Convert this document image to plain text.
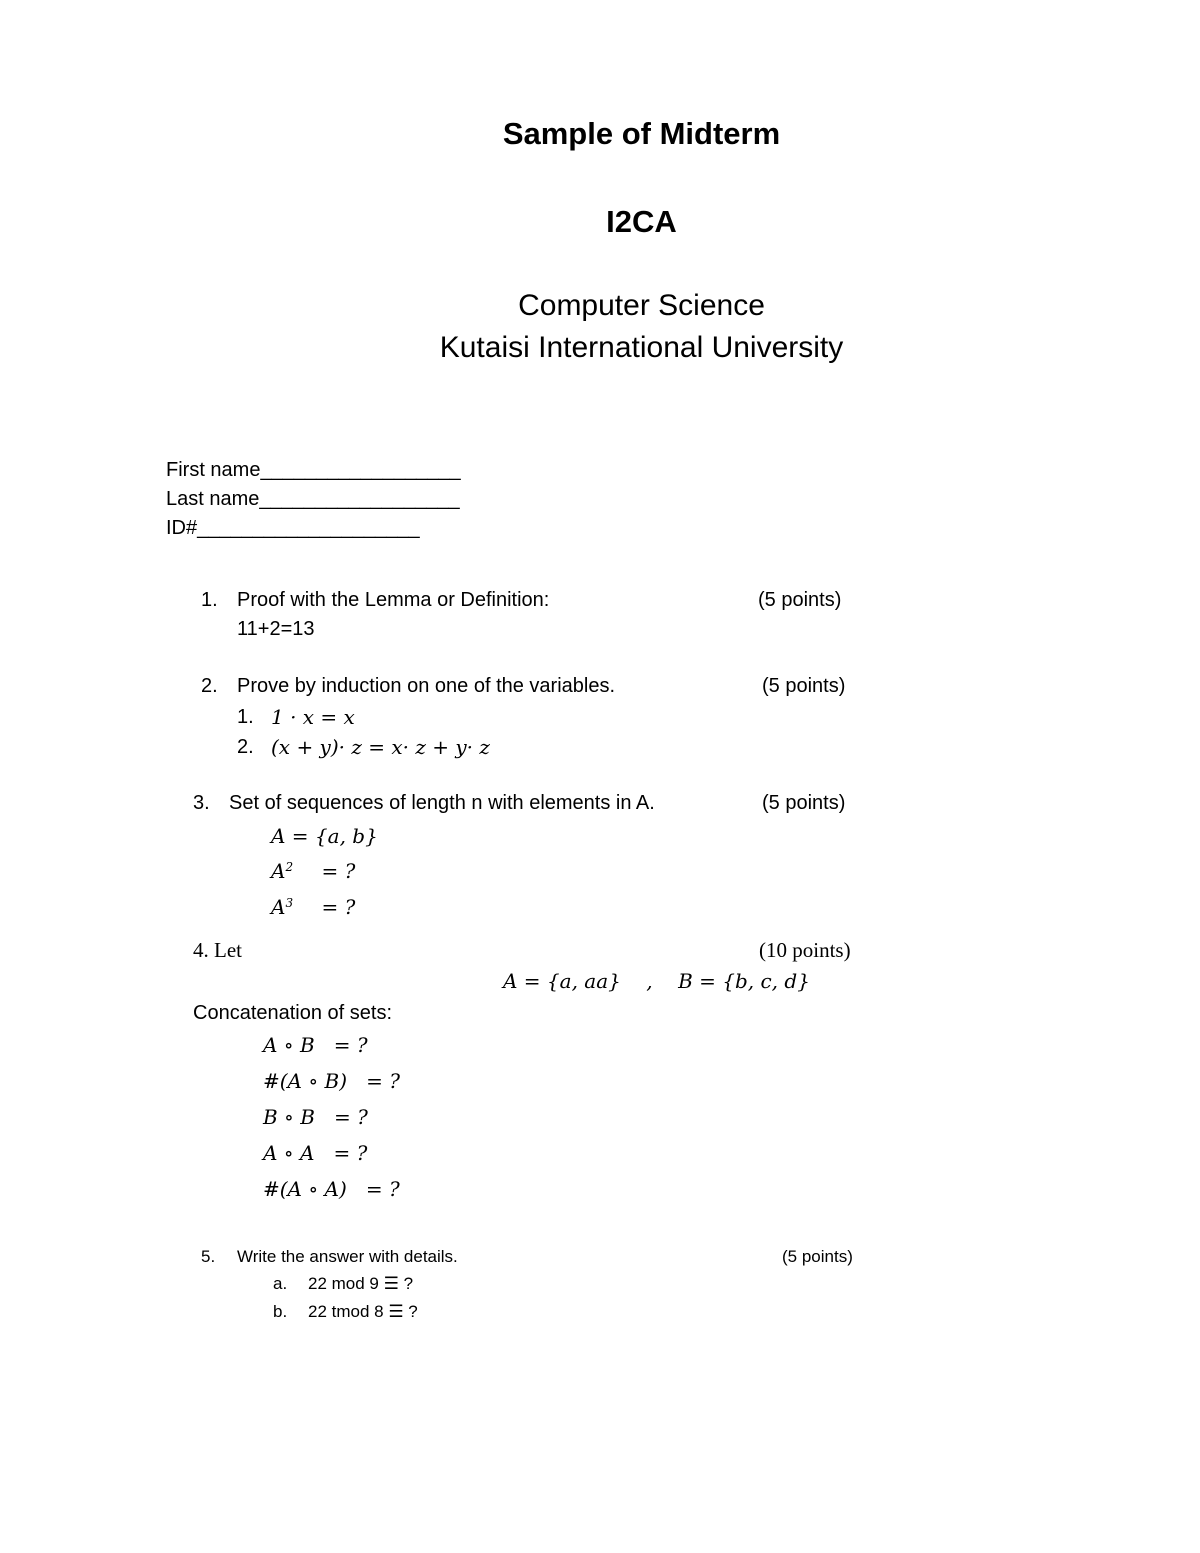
Sample of Midterm
I2CA
Computer Science
Kutaisi International University
First name__________________
Last name__________________
ID#____________________
1. Proof with the Lemma or Definition:	(5 points)
11+2=13
2. Prove by induction on one of the variables.	(5 points)
1. 1 · x = x
2. (x + y)· z = x· z + y· z
3. Set of sequences of length n with elements in A.	(5 points)
A = {a, b}
$A^2$ = ?
$A^3$ = ?
4. Let	(10 points)
A = {a, aa}    ,    B = {b, c, d}
Concatenation of sets:
A ∘ B   = ?
#(A ∘ B)   = ?
B ∘ B   = ?
A ∘ A   = ?
#(A ∘ A)   = ?
5. Write the answer with details.	(5 points)
a. 22 mod 9 ☰ ?
b. 22 tmod 8 ☰ ?
